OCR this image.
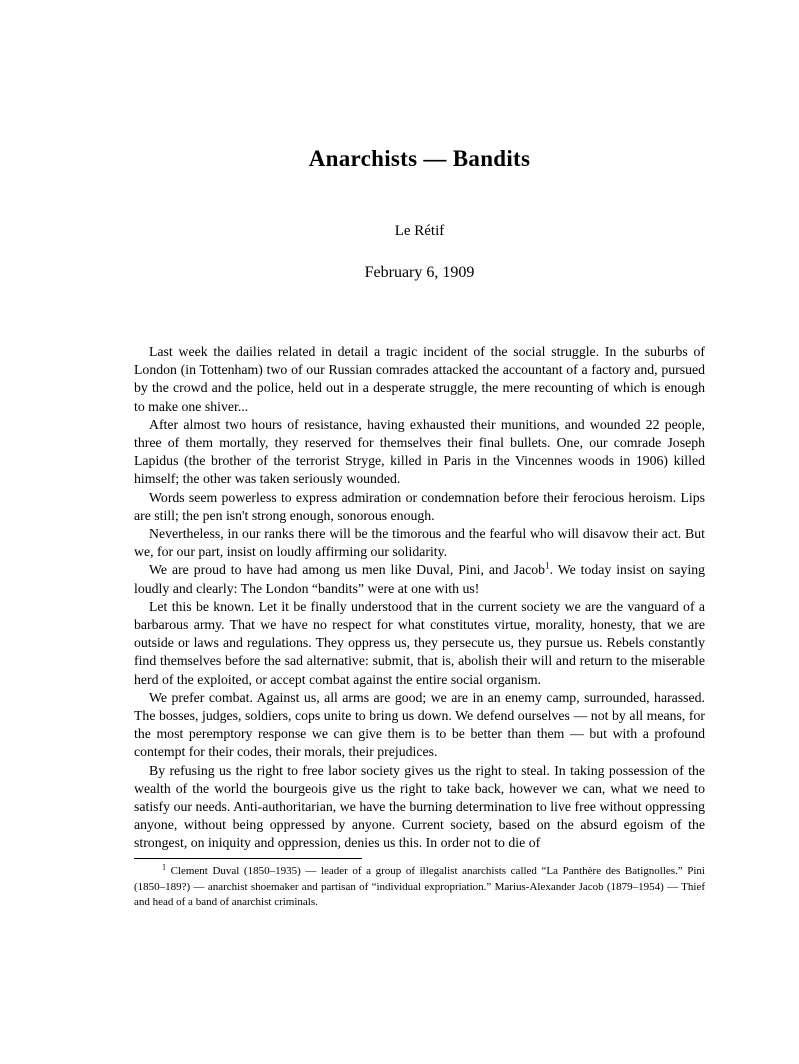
Anarchists — Bandits
Le Rétif
February 6, 1909

Last week the dailies related in detail a tragic incident of the social struggle. In the suburbs of London (in Tottenham) two of our Russian comrades attacked the accountant of a factory and, pursued by the crowd and the police, held out in a desperate struggle, the mere recounting of which is enough to make one shiver...

After almost two hours of resistance, having exhausted their munitions, and wounded 22 people, three of them mortally, they reserved for themselves their final bullets. One, our comrade Joseph Lapidus (the brother of the terrorist Stryge, killed in Paris in the Vincennes woods in 1906) killed himself; the other was taken seriously wounded.

Words seem powerless to express admiration or condemnation before their ferocious heroism. Lips are still; the pen isn't strong enough, sonorous enough.

Nevertheless, in our ranks there will be the timorous and the fearful who will disavow their act. But we, for our part, insist on loudly affirming our solidarity.

We are proud to have had among us men like Duval, Pini, and Jacob$^1$. We today insist on saying loudly and clearly: The London “bandits” were at one with us!

Let this be known. Let it be finally understood that in the current society we are the vanguard of a barbarous army. That we have no respect for what constitutes virtue, morality, honesty, that we are outside or laws and regulations. They oppress us, they persecute us, they pursue us. Rebels constantly find themselves before the sad alternative: submit, that is, abolish their will and return to the miserable herd of the exploited, or accept combat against the entire social organism.

We prefer combat. Against us, all arms are good; we are in an enemy camp, surrounded, harassed. The bosses, judges, soldiers, cops unite to bring us down. We defend ourselves — not by all means, for the most peremptory response we can give them is to be better than them — but with a profound contempt for their codes, their morals, their prejudices.

By refusing us the right to free labor society gives us the right to steal. In taking possession of the wealth of the world the bourgeois give us the right to take back, however we can, what we need to satisfy our needs. Anti-authoritarian, we have the burning determination to live free without oppressing anyone, without being oppressed by anyone. Current society, based on the absurd egoism of the strongest, on iniquity and oppression, denies us this. In order not to die of

$^1$ Clement Duval (1850–1935) — leader of a group of illegalist anarchists called “La Panthère des Batignolles.” Pini (1850–189?) — anarchist shoemaker and partisan of “individual expropriation.” Marius-Alexander Jacob (1879–1954) — Thief and head of a band of anarchist criminals.
